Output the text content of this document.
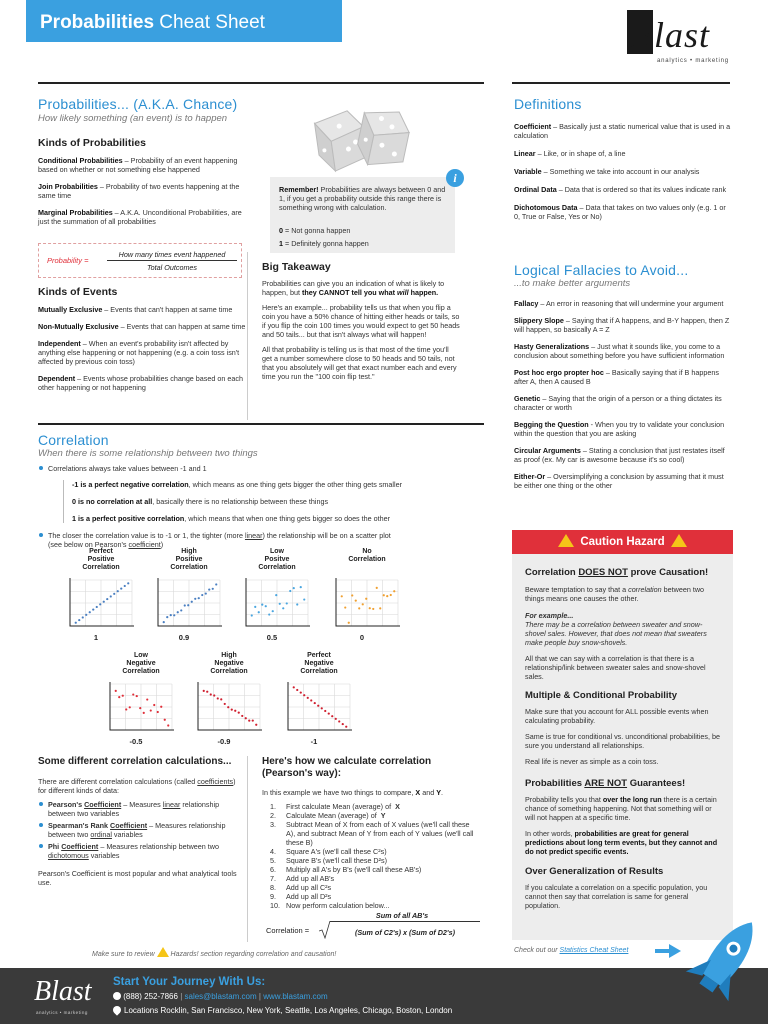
Probabilities Cheat Sheet	Blast
analytics • marketing
Probabilities... (A.K.A. Chance)
How likely something (an event) is to happen
Kinds of Probabilities
Conditional Probabilities – Probability of an event happening based on whether or not something else happened
Join Probabilities – Probability of two events happening at the same time
Marginal Probabilities – A.K.A. Unconditional Probabilities, are just the summation of all probabilities
Probability =
How many times event happened
Total Outcomes
Kinds of Events
Mutually Exclusive – Events that can't happen at same time
Non-Mutually Exclusive – Events that can happen at same time
Independent – When an event's probability isn't affected by anything else happening or not happening (e.g. a coin toss isn't affected by previous coin toss)
Dependent – Events whose probabilities change based on each other happening or not happening
Remember! Probabilities are always between 0 and 1, if you get a probability outside this range there is something wrong with calculation.
0 = Not gonna happen
1 = Definitely gonna happen
i
Big Takeaway
Probabilities can give you an indication of what is likely to happen, but they CANNOT tell you what will happen.
Here's an example... probability tells us that when you flip a coin you have a 50% chance of hitting either heads or tails, so if you flip the coin 100 times you would expect to get 50 heads and 50 tails... but that isn't always what will happen!
All that probability is telling us is that most of the time you'll get a number somewhere close to 50 heads and 50 tails, not that you absolutely will get that exact number each and every time you run the "100 coin flip test."
Definitions
Coefficient – Basically just a static numerical value that is used in a calculation
Linear – Like, or in shape of, a line
Variable – Something we take into account in our analysis
Ordinal Data – Data that is ordered so that its values indicate rank
Dichotomous Data – Data that takes on two values only (e.g. 1 or 0, True or False, Yes or No)
Logical Fallacies to Avoid...
...to make better arguments
Fallacy – An error in reasoning that will undermine your argument
Slippery Slope – Saying that if A happens, and B-Y happen, then Z will happen, so basically A = Z
Hasty Generalizations – Just what it sounds like, you come to a conclusion about something before you have sufficient information
Post hoc ergo propter hoc – Basically saying that if B happens after A, then A caused B
Genetic – Saying that the origin of a person or a thing dictates its character or worth
Begging the Question - When you try to validate your conclusion within the question that you are asking
Circular Arguments – Stating a conclusion that just restates itself as proof (ex. My car is awesome because it's so cool)
Either-Or – Oversimplifying a conclusion by assuming that it must be either one thing or the other
Correlation
When there is some relationship between two things
Correlations always take values between -1 and 1
-1 is a perfect negative correlation, which means as one thing gets bigger the other thing gets smaller
0 is no correlation at all, basically there is no relationship between these things
1 is a perfect positive correlation, which means that when one thing gets bigger so does the other
The closer the correlation value is to -1 or 1, the tighter (more linear) the relationship will be on a scatter plot
(see below on Pearson's coefficient)
Perfect
Positive
Correlation
1
High
Positive
Correlation
0.9
Low
Positve
Correlation
0.5
No
Correlation
0
Low
Negative
Correlation
-0.5
High
Negative
Correlation
-0.9
Perfect
Negative
Correlation
-1
Some different correlation calculations...
There are different correlation calculations (called coefficients) for different kinds of data:
Pearson's Coefficient – Measures linear relationship between two variables
Spearman's Rank Coefficient – Measures relationship between two ordinal variables
Phi Coefficient – Measures relationship between two dichotomous variables
Pearson's Coefficient is most popular and what analytical tools use.
Here's how we calculate correlation (Pearson's way):
In this example we have two things to compare, X and Y.
1.	First calculate Mean (average) of X
2.	Calculate Mean (average) of Y
3.	Subtract Mean of X from each of X values (we'll call these A), and subtract Mean of Y from each of Y values (we'll call these B)
4.	Square A's (we'll call these C²s)
5.	Square B's (we'll call these D²s)
6.	Multiply all A's by B's (we'll call these AB's)
7.	Add up all AB's
8.	Add up all C²s
9.	Add up all D²s
10. Now perform calculation below...
Correlation =
Sum of all AB's
(Sum of C2's) x (Sum of D2's)
Caution Hazard
Correlation DOES NOT prove Causation!
Beware temptation to say that a correlation between two things means one causes the other.
For example...
There may be a correlation between sweater and snow-shovel sales. However, that does not mean that sweaters make people buy snow-shovels.
All that we can say with a correlation is that there is a relationship/link between sweater sales and snow-shovel sales.
Multiple & Conditional Probability
Make sure that you account for ALL possible events when calculating probability.
Same is true for conditional vs. unconditional probabilities, be sure you understand all relationships.
Real life is never as simple as a coin toss.
Probabilities ARE NOT Guarantees!
Probability tells you that over the long run there is a certain chance of something happening. Not that something will or will not happen at a specific time.
In other words, probabilities are great for general predictions about long term events, but they cannot and do not predict specific events.
Over Generalization of Results
If you calculate a correlation on a specific population, you cannot then say that correlation is same for general population.
Make sure to review  Hazards! section regarding correlation and causation!
Check out our Statistics Cheat Sheet
Blast
analytics • marketing
Start Your Journey With Us:
(888) 252-7866 | sales@blastam.com | www.blastam.com
Locations Rocklin, San Francisco, New York, Seattle, Los Angeles, Chicago, Boston, London
